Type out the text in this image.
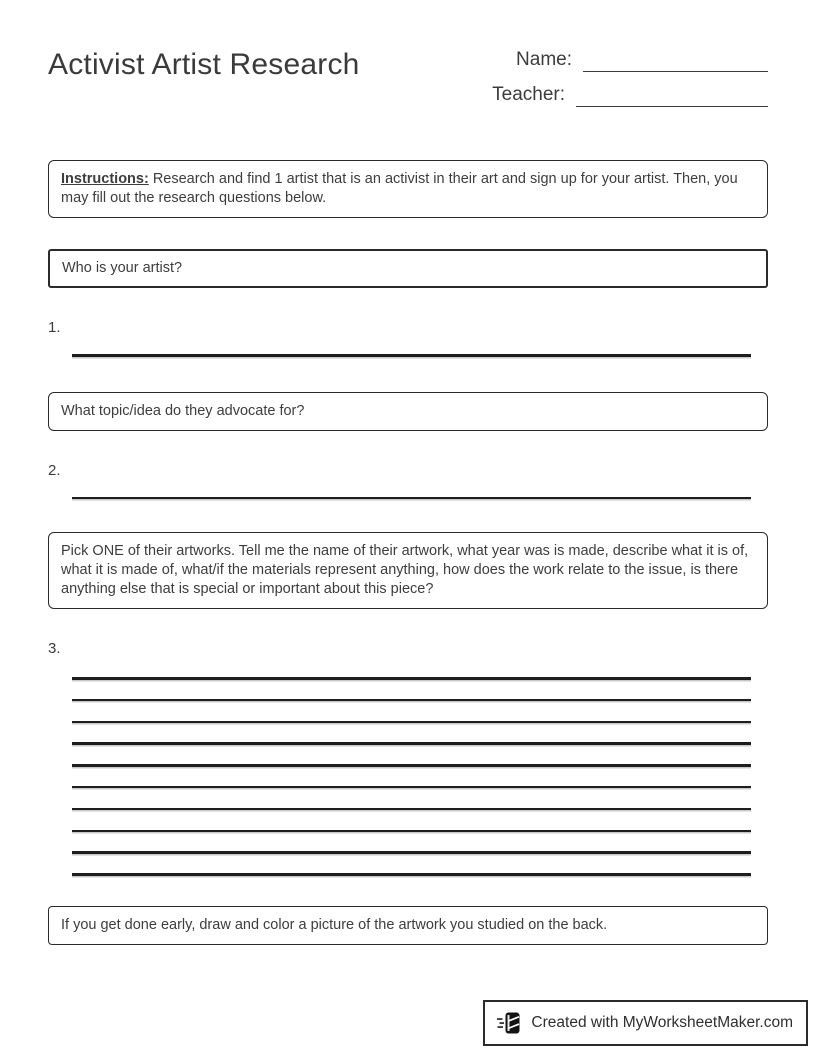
Activist Artist Research	Name:
Teacher:
Instructions: Research and find 1 artist that is an activist in their art and sign up for your artist. Then, you may fill out the research questions below.
Who is your artist?
1.
What topic/idea do they advocate for?
2.
Pick ONE of their artworks. Tell me the name of their artwork, what year was is made, describe what it is of, what it is made of, what/if the materials represent anything, how does the work relate to the issue, is there anything else that is special or important about this piece?
3.
If you get done early, draw and color a picture of the artwork you studied on the back.
Created with MyWorksheetMaker.com
